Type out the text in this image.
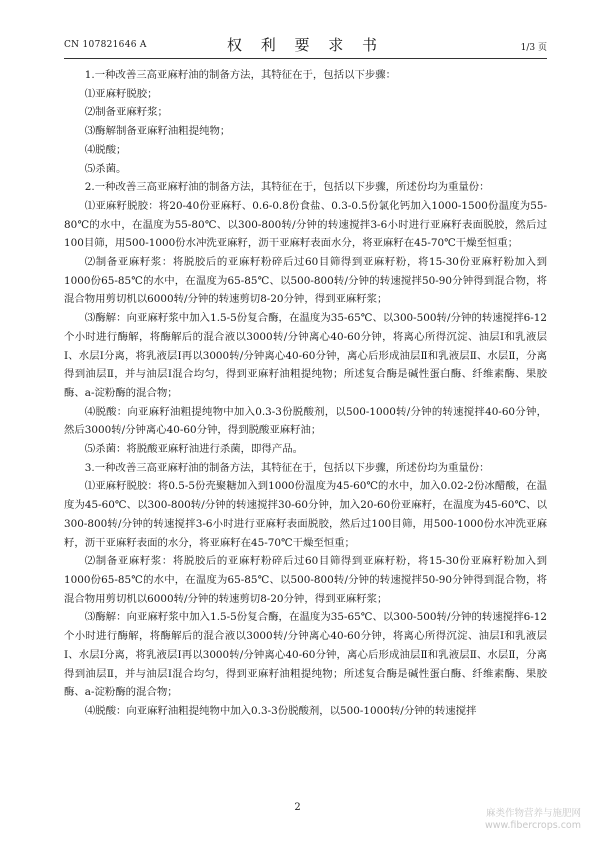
CN 107821646 A	权 利 要 求 书	1/3 页

1.一种改善三高亚麻籽油的制备方法，其特征在于，包括以下步骤：

⑴亚麻籽脱胶；

⑵制备亚麻籽浆；

⑶酶解制备亚麻籽油粗提纯物；

⑷脱酸；

⑸杀菌。

2.一种改善三高亚麻籽油的制备方法，其特征在于，包括以下步骤，所述份均为重量份：

⑴亚麻籽脱胶：将20-40份亚麻籽、0.6-0.8份食盐、0.3-0.5份氯化钙加入1000-1500份温度为55-80℃的水中，在温度为55-80℃、以300-800转/分钟的转速搅拌3-6小时进行亚麻籽表面脱胶，然后过100目筛，用500-1000份水冲洗亚麻籽，沥干亚麻籽表面水分，将亚麻籽在45-70℃干燥至恒重；

⑵制备亚麻籽浆：将脱胶后的亚麻籽粉碎后过60目筛得到亚麻籽粉，将15-30份亚麻籽粉加入到1000份65-85℃的水中，在温度为65-85℃、以500-800转/分钟的转速搅拌50-90分钟得到混合物，将混合物用剪切机以6000转/分钟的转速剪切8-20分钟，得到亚麻籽浆；

⑶酶解：向亚麻籽浆中加入1.5-5份复合酶，在温度为35-65℃、以300-500转/分钟的转速搅拌6-12个小时进行酶解，将酶解后的混合液以3000转/分钟离心40-60分钟，将离心所得沉淀、油层Ⅰ和乳液层Ⅰ、水层Ⅰ分离，将乳液层Ⅰ再以3000转/分钟离心40-60分钟，离心后形成油层Ⅱ和乳液层Ⅱ、水层Ⅱ，分离得到油层Ⅱ，并与油层Ⅰ混合均匀，得到亚麻籽油粗提纯物；所述复合酶是碱性蛋白酶、纤维素酶、果胶酶、a-淀粉酶的混合物；

⑷脱酸：向亚麻籽油粗提纯物中加入0.3-3份脱酸剂，以500-1000转/分钟的转速搅拌40-60分钟，然后3000转/分钟离心40-60分钟，得到脱酸亚麻籽油；

⑸杀菌：将脱酸亚麻籽油进行杀菌，即得产品。

3.一种改善三高亚麻籽油的制备方法，其特征在于，包括以下步骤，所述份均为重量份：

⑴亚麻籽脱胶：将0.5-5份壳聚糖加入到1000份温度为45-60℃的水中，加入0.02-2份冰醋酸，在温度为45-60℃、以300-800转/分钟的转速搅拌30-60分钟，加入20-60份亚麻籽，在温度为45-60℃、以300-800转/分钟的转速搅拌3-6小时进行亚麻籽表面脱胶，然后过100目筛，用500-1000份水冲洗亚麻籽，沥干亚麻籽表面的水分，将亚麻籽在45-70℃干燥至恒重；

⑵制备亚麻籽浆：将脱胶后的亚麻籽粉碎后过60目筛得到亚麻籽粉，将15-30份亚麻籽粉加入到1000份65-85℃的水中，在温度为65-85℃、以500-800转/分钟的转速搅拌50-90分钟得到混合物，将混合物用剪切机以6000转/分钟的转速剪切8-20分钟，得到亚麻籽浆；

⑶酶解：向亚麻籽浆中加入1.5-5份复合酶，在温度为35-65℃、以300-500转/分钟的转速搅拌6-12个小时进行酶解，将酶解后的混合液以3000转/分钟离心40-60分钟，将离心所得沉淀、油层Ⅰ和乳液层Ⅰ、水层Ⅰ分离，将乳液层Ⅰ再以3000转/分钟离心40-60分钟，离心后形成油层Ⅱ和乳液层Ⅱ、水层Ⅱ，分离得到油层Ⅱ，并与油层Ⅰ混合均匀，得到亚麻籽油粗提纯物；所述复合酶是碱性蛋白酶、纤维素酶、果胶酶、a-淀粉酶的混合物；

⑷脱酸：向亚麻籽油粗提纯物中加入0.3-3份脱酸剂，以500-1000转/分钟的转速搅拌

2
麻类作物营养与施肥网
www.fibercrops.com
